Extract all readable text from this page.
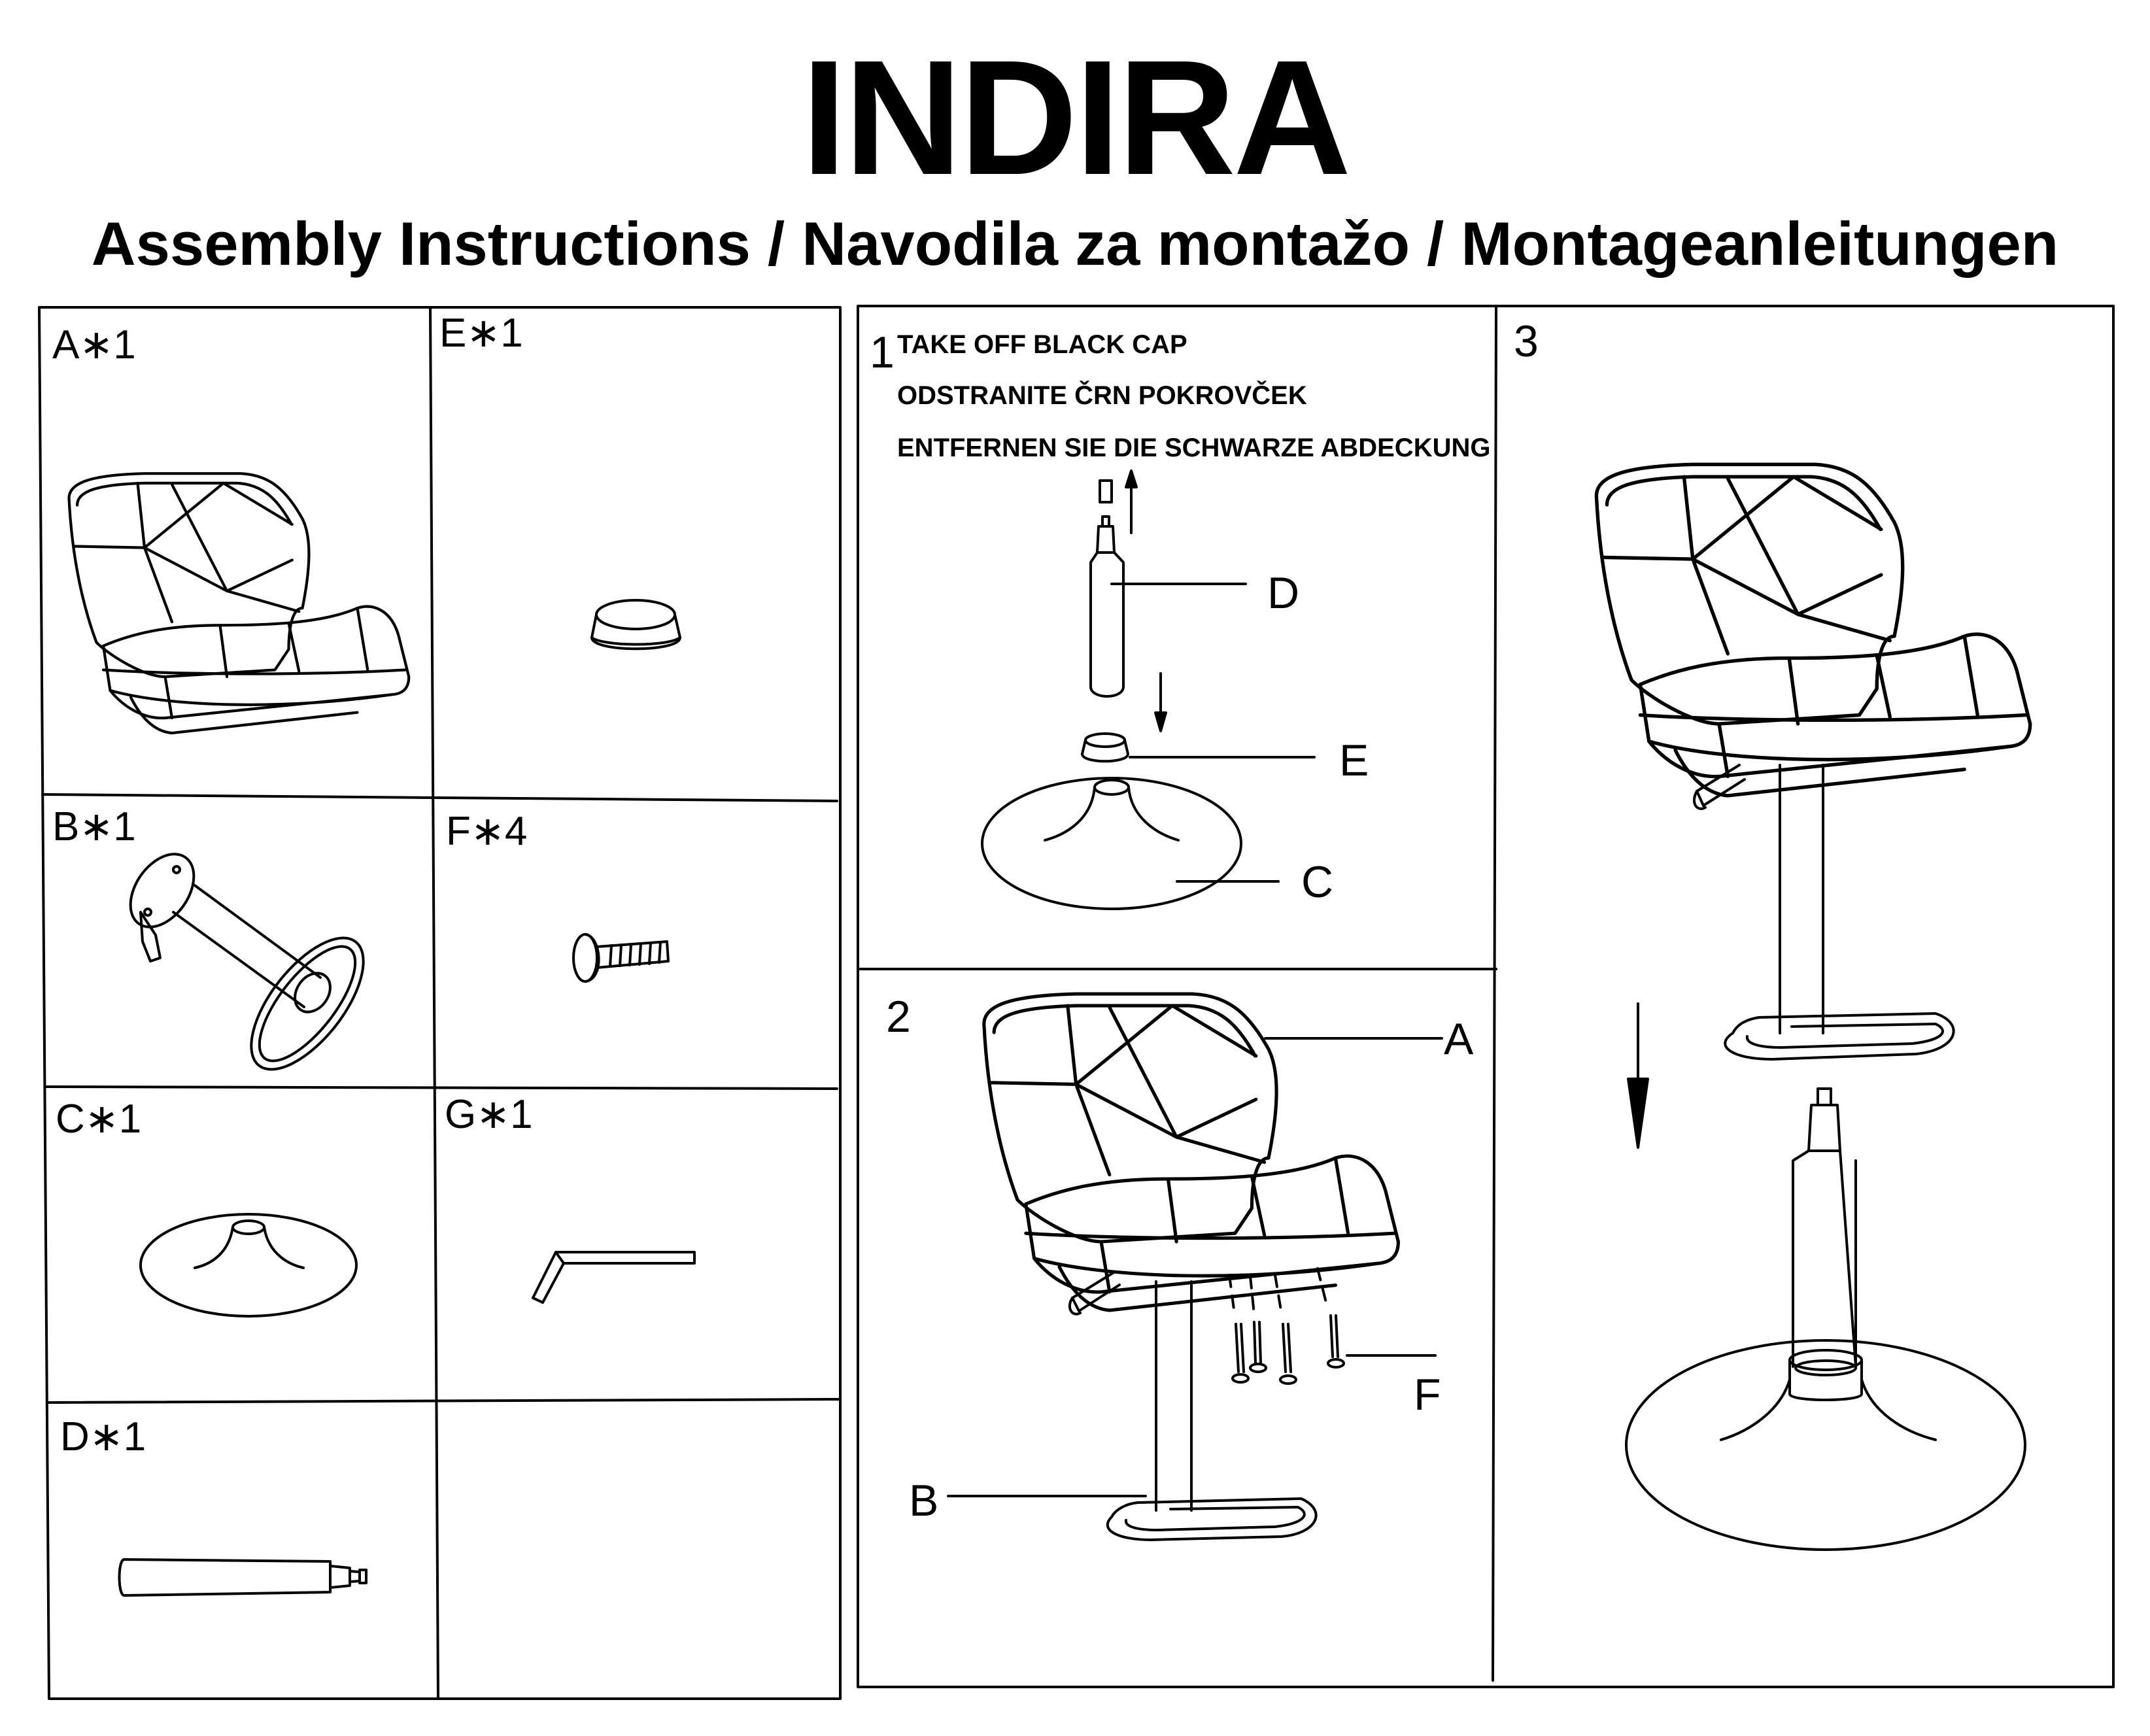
INDIRA
Assembly Instructions / Navodila za montažo / Montageanleitungen
A∗1	E∗1
B∗1	F∗4
C∗1	G∗1
D∗1
1 TAKE OFF BLACK CAP
ODSTRANITE ČRN POKROVČEK
ENTFERNEN SIE DIE SCHWARZE ABDECKUNG
D
E
C
2	A
B
F
3
